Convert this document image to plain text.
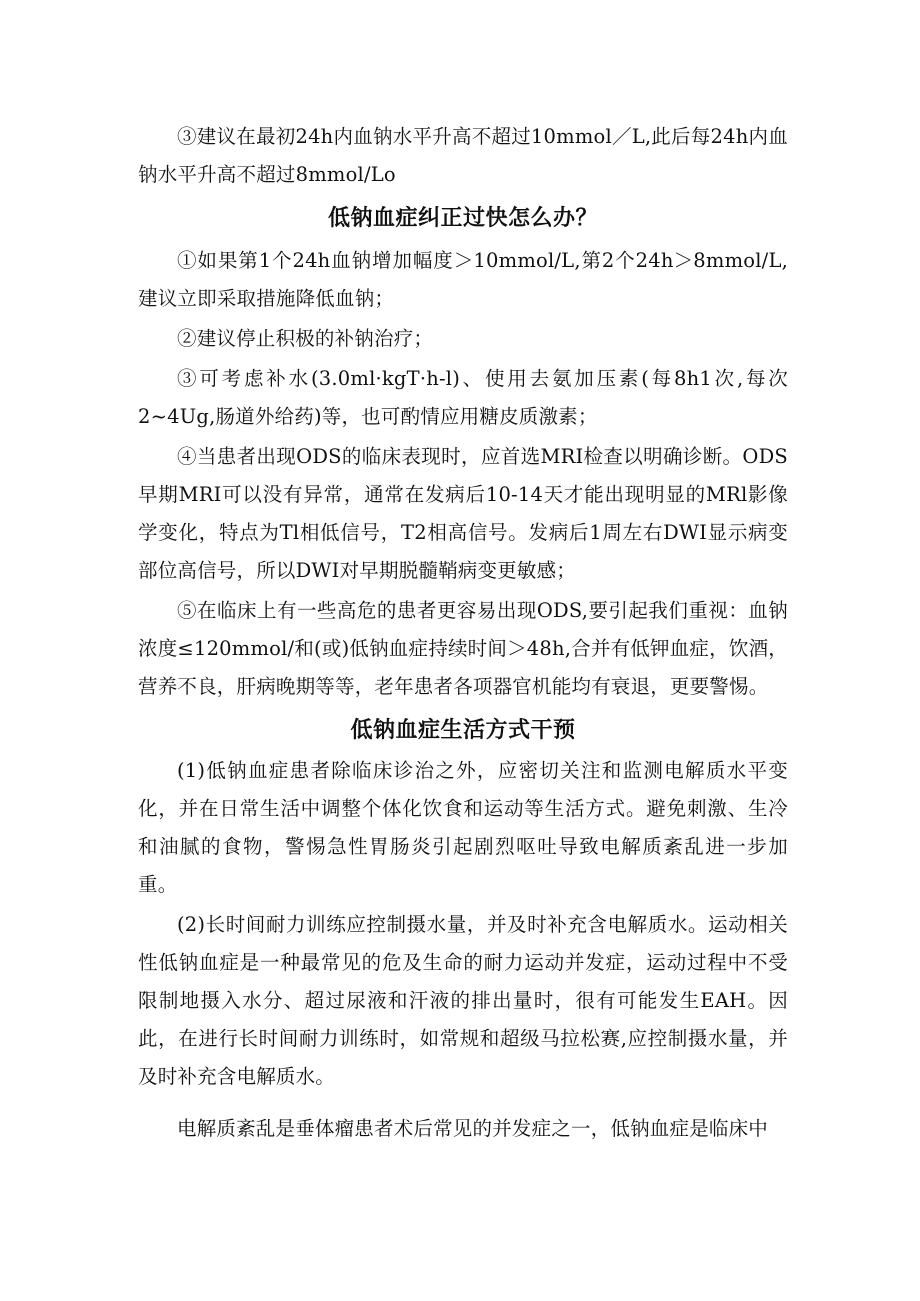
③建议在最初24h内血钠水平升高不超过10mmol／L,此后每24h内血钠水平升高不超过8mmol/Lo

低钠血症纠正过快怎么办？

①如果第1个24h血钠增加幅度＞10mmol/L,第2个24h＞8mmol/L,建议立即采取措施降低血钠；

②建议停止积极的补钠治疗；

③可考虑补水(3.0ml·kgT·h-l)、使用去氨加压素(每8h1次,每次2~4Ug,肠道外给药)等，也可酌情应用糖皮质激素；

④当患者出现ODS的临床表现时，应首选MRI检查以明确诊断。ODS早期MRI可以没有异常，通常在发病后10-14天才能出现明显的MRl影像学变化，特点为Tl相低信号，T2相高信号。发病后1周左右DWI显示病变部位高信号，所以DWI对早期脱髓鞘病变更敏感；

⑤在临床上有一些高危的患者更容易出现ODS,要引起我们重视：血钠浓度≤120mmol/和(或)低钠血症持续时间＞48h,合并有低钾血症，饮酒，营养不良，肝病晚期等等，老年患者各项器官机能均有衰退，更要警惕。

低钠血症生活方式干预

(1)低钠血症患者除临床诊治之外，应密切关注和监测电解质水平变化，并在日常生活中调整个体化饮食和运动等生活方式。避免刺激、生冷和油腻的食物，警惕急性胃肠炎引起剧烈呕吐导致电解质紊乱进一步加重。

(2)长时间耐力训练应控制摄水量，并及时补充含电解质水。运动相关性低钠血症是一种最常见的危及生命的耐力运动并发症，运动过程中不受限制地摄入水分、超过尿液和汗液的排出量时，很有可能发生EAH。因此，在进行长时间耐力训练时，如常规和超级马拉松赛,应控制摄水量，并及时补充含电解质水。

电解质紊乱是垂体瘤患者术后常见的并发症之一，低钠血症是临床中
